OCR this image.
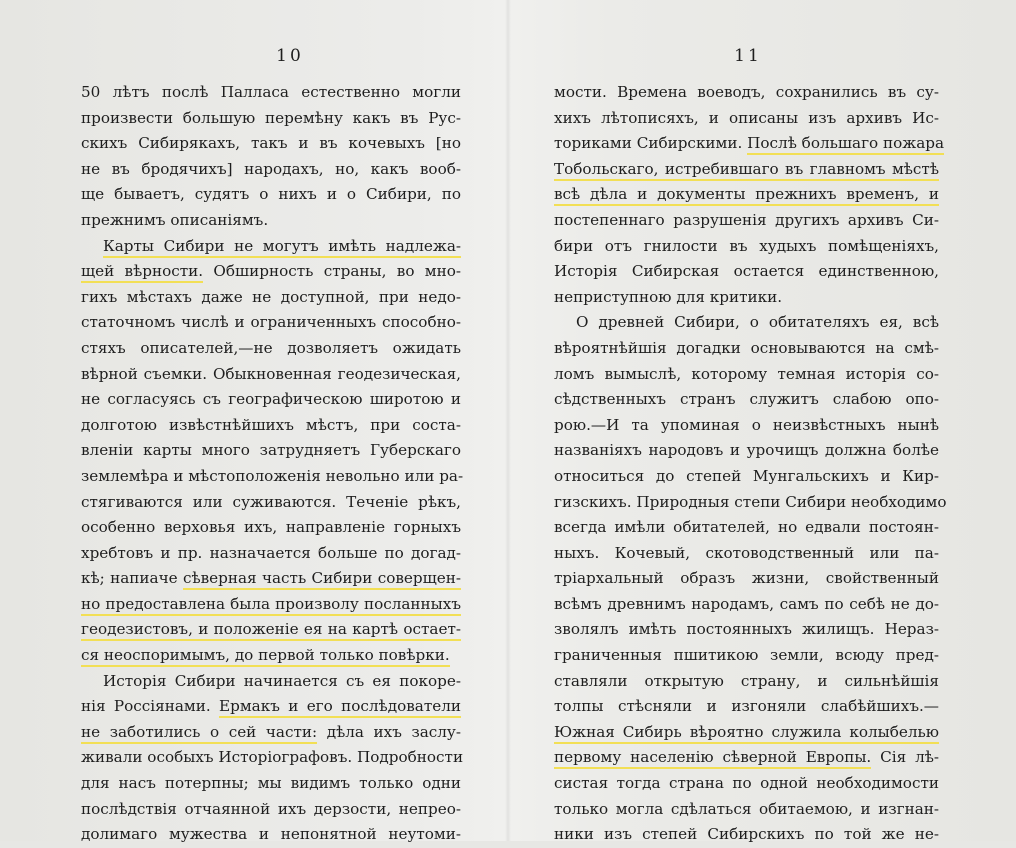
10
50 лѣтъ послѣ Палласа естественно могли
произвести большую перемѣну какъ въ Рус-
скихъ Сибирякахъ, такъ и въ кочевыхъ [но
не въ бродячихъ] народахъ, но, какъ вооб-
ще бываетъ, судятъ о нихъ и о Сибири, по
прежнимъ описаніямъ.
Карты Сибири не могутъ имѣть надлежа-
щей вѣрности. Обширность страны, во мно-
гихъ мѣстахъ даже не доступной, при недо-
статочномъ числѣ и ограниченныхъ способно-
стяхъ описателей,—не дозволяетъ ожидать
вѣрной съемки. Обыкновенная геодезическая,
не согласуясь съ географическою широтою и
долготою извѣстнѣйшихъ мѣстъ, при состa-
вленіи карты много затрудняетъ Губерскаго
землемѣра и мѣстоположенія невольно или ра-
стягиваются или суживаются. Теченіе рѣкъ,
особенно верховья ихъ, направленіе горныхъ
хребтовъ и пр. назначается больше по догад-
кѣ; напиаче сѣверная часть Сибири соверщен-
но предоставлена была произволу посланныхъ
геодезистовъ, и положеніе ея на картѣ остает-
ся неоспоримымъ, до первой только повѣрки.
Исторія Сибири начинается съ ея покоре-
нія Россіянами. Ермакъ и его послѣдователи
не заботились о сей части: дѣла ихъ заслу-
живали особыхъ Исторіографовъ. Подробности
для насъ потерпны; мы видимъ только одни
послѣдствія отчаянной ихъ дерзости, непрео-
долимаго мужества и непонятной неутоми-
11
мости. Времена воеводъ, сохранились въ су-
хихъ лѣтописяхъ, и описаны изъ архивъ Ис-
ториками Сибирскими. Послѣ большаго пожара
Тобольскаго, истребившаго въ главномъ мѣстѣ
всѣ дѣла и документы прежнихъ временъ, и
постепеннаго разрушенія другихъ архивъ Си-
бири отъ гнилости въ худыхъ помѣщеніяхъ,
Исторія Сибирская остается единственною,
неприступною для критики.
О древней Сибири, о обитателяхъ ея, всѣ
вѣроятнѣйшія догадки основываются на смѣ-
ломъ вымыслѣ, которому темная исторія со-
сѣдственныхъ странъ служитъ слабою опо-
рою.—И та упоминая о неизвѣстныхъ нынѣ
названіяхъ народовъ и урочищъ должна болѣе
относиться до степей Мунгальскихъ и Кир-
гизскихъ. Природныя степи Сибири необходимо
всегда имѣли обитателей, но едвали постоян-
ныхъ. Кочевый, скотоводственный или па-
тріархальный образъ жизни, свойственный
всѣмъ древнимъ народамъ, самъ по себѣ не до-
зволялъ имѣть постоянныхъ жилищъ. Нераз-
граниченныя пшитикою земли, всюду пред-
ставляли открытую страну, и сильнѣйшія
толпы стѣсняли и изгоняли слабѣйшихъ.—
Южная Сибирь вѣроятно служила колыбелью
первому населенію сѣверной Европы. Сія лѣ-
систая тогда страна по одной необходимости
только могла сдѣлаться обитаемою, и изгнан-
ники изъ степей Сибирскихъ по той же не-
